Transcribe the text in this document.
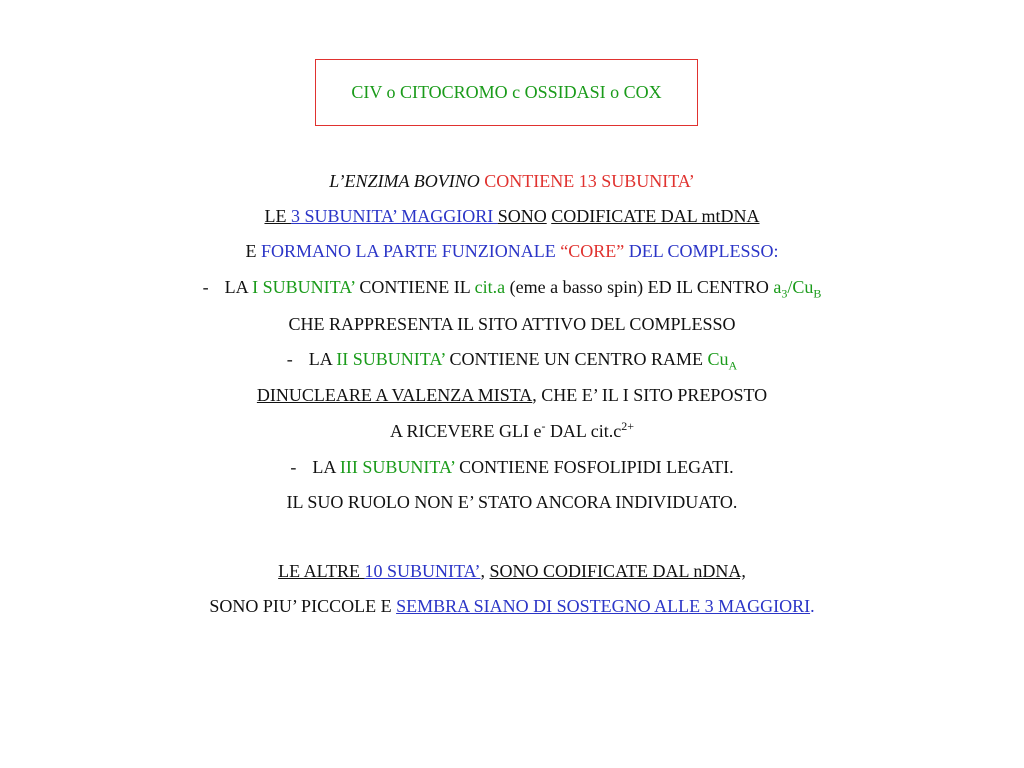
CIV o CITOCROMO c OSSIDASI o COX
L’ENZIMA BOVINO CONTIENE 13 SUBUNITA’
LE 3 SUBUNITA’ MAGGIORI SONO CODIFICATE DAL mtDNA
E FORMANO LA PARTE FUNZIONALE “CORE” DEL COMPLESSO:
- LA I SUBUNITA’ CONTIENE IL cit.a (eme a basso spin) ED IL CENTRO $a_3/Cu_B$
CHE RAPPRESENTA IL SITO ATTIVO DEL COMPLESSO
- LA II SUBUNITA’ CONTIENE UN CENTRO RAME $Cu_A$
DINUCLEARE A VALENZA MISTA, CHE E’ IL I SITO PREPOSTO
A RICEVERE GLI e- DAL $cit.c^{2+}$
- LA III SUBUNITA’ CONTIENE FOSFOLIPIDI LEGATI.
IL SUO RUOLO NON E’ STATO ANCORA INDIVIDUATO.
LE ALTRE 10 SUBUNITA’, SONO CODIFICATE DAL nDNA,
SONO PIU’ PICCOLE E SEMBRA SIANO DI SOSTEGNO ALLE 3 MAGGIORI.
